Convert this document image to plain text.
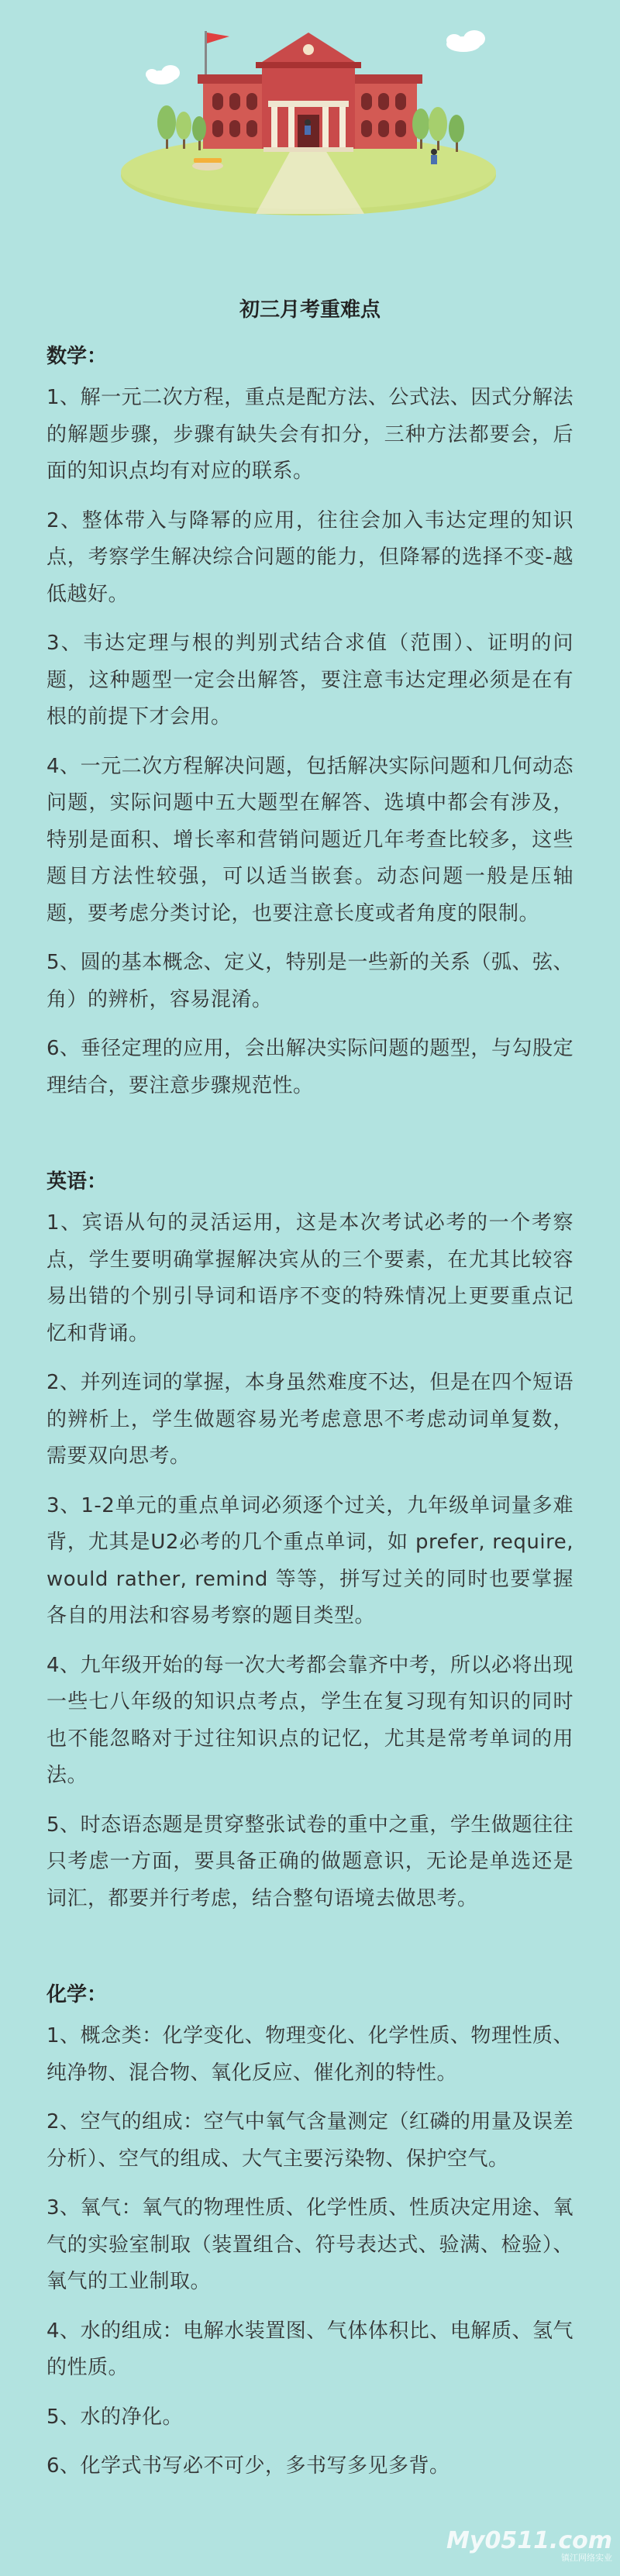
初三月考重难点
数学：

1、解一元二次方程，重点是配方法、公式法、因式分解法的解题步骤，步骤有缺失会有扣分，三种方法都要会，后面的知识点均有对应的联系。

2、整体带入与降幂的应用，往往会加入韦达定理的知识点，考察学生解决综合问题的能力，但降幂的选择不变-越低越好。

3、韦达定理与根的判别式结合求值（范围）、证明的问题，这种题型一定会出解答，要注意韦达定理必须是在有根的前提下才会用。

4、一元二次方程解决问题，包括解决实际问题和几何动态问题，实际问题中五大题型在解答、选填中都会有涉及，特别是面积、增长率和营销问题近几年考查比较多，这些题目方法性较强，可以适当嵌套。动态问题一般是压轴题，要考虑分类讨论，也要注意长度或者角度的限制。

5、圆的基本概念、定义，特别是一些新的关系（弧、弦、角）的辨析，容易混淆。

6、垂径定理的应用，会出解决实际问题的题型，与勾股定理结合，要注意步骤规范性。

英语：

1、宾语从句的灵活运用，这是本次考试必考的一个考察点，学生要明确掌握解决宾从的三个要素，在尤其比较容易出错的个别引导词和语序不变的特殊情况上更要重点记忆和背诵。

2、并列连词的掌握，本身虽然难度不达，但是在四个短语的辨析上，学生做题容易光考虑意思不考虑动词单复数，需要双向思考。

3、1-2单元的重点单词必须逐个过关，九年级单词量多难背，尤其是U2必考的几个重点单词，如 prefer, require, would rather, remind 等等，拼写过关的同时也要掌握各自的用法和容易考察的题目类型。

4、九年级开始的每一次大考都会靠齐中考，所以必将出现一些七八年级的知识点考点，学生在复习现有知识的同时也不能忽略对于过往知识点的记忆，尤其是常考单词的用法。

5、时态语态题是贯穿整张试卷的重中之重，学生做题往往只考虑一方面，要具备正确的做题意识，无论是单选还是词汇，都要并行考虑，结合整句语境去做思考。

化学：

1、概念类：化学变化、物理变化、化学性质、物理性质、纯净物、混合物、氧化反应、催化剂的特性。

2、空气的组成：空气中氧气含量测定（红磷的用量及误差分析）、空气的组成、大气主要污染物、保护空气。

3、氧气：氧气的物理性质、化学性质、性质决定用途、氧气的实验室制取（装置组合、符号表达式、验满、检验）、氧气的工业制取。

4、水的组成：电解水装置图、气体体积比、电解质、氢气的性质。

5、水的净化。

6、化学式书写必不可少，多书写多见多背。

My0511.com
镇江网络实业
